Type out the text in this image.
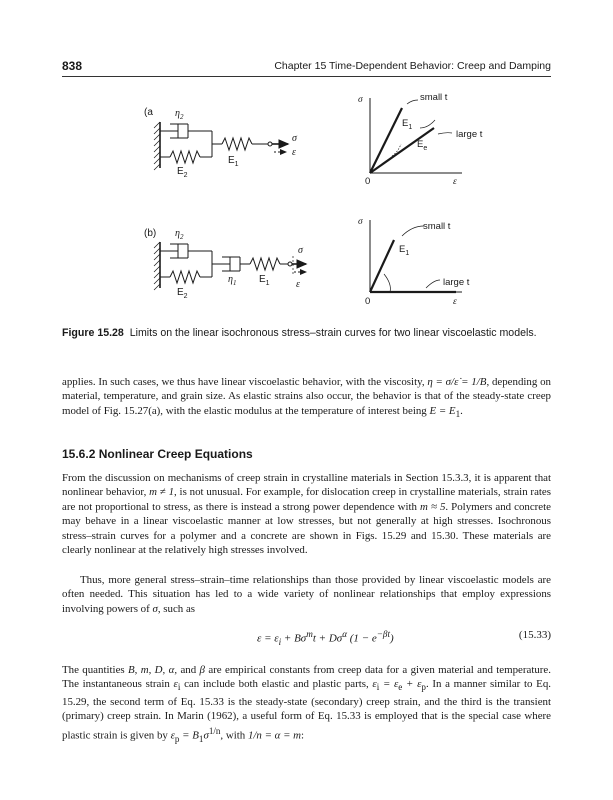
838	Chapter 15 Time-Dependent Behavior: Creep and Damping
(a $\eta_2$
$E_1$
$E_2$
σ
ε
σ
ε
0
small t
large t
$E_1$
$E_e$
(b) $\eta_2$
$\eta_1$ $E_1$
$E_2$
σ
ε
σ
ε
0
small t
large t
$E_1$
Figure 15.28 Limits on the linear isochronous stress–strain curves for two linear viscoelastic models.

applies. In such cases, we thus have linear viscoelastic behavior, with the viscosity, η = σ/ε̇ = 1/B, depending on material, temperature, and grain size. As elastic strains also occur, the behavior is that of the steady-state creep model of Fig. 15.27(a), with the elastic modulus at the temperature of interest being $E = E_1$.

15.6.2 Nonlinear Creep Equations

From the discussion on mechanisms of creep strain in crystalline materials in Section 15.3.3, it is apparent that nonlinear behavior, m ≠ 1, is not unusual. For example, for dislocation creep in crystalline materials, strain rates are not proportional to stress, as there is instead a strong power dependence with m ≈ 5. Polymers and concrete may behave in a linear viscoelastic manner at low stresses, but not generally at high stresses. Isochronous stress–strain curves for a polymer and a concrete are shown in Figs. 15.29 and 15.30. These materials are clearly nonlinear at the relatively high stresses involved.

Thus, more general stress–strain–time relationships than those provided by linear viscoelastic models are often needed. This situation has led to a wide variety of nonlinear relationships that employ expressions involving powers of σ, such as

$\varepsilon = \varepsilon_i + B\sigma^mt + D\sigma^\alpha$ $(1 - e^{-\beta t})$	(15.33)

The quantities B, m, D, α, and β are empirical constants from creep data for a given material and temperature. The instantaneous strain $\varepsilon_i$ can include both elastic and plastic parts, $\varepsilon_i = \varepsilon_e + \varepsilon_p$. In a manner similar to Eq. 15.29, the second term of Eq. 15.33 is the steady-state (secondary) creep strain, and the third is the transient (primary) creep strain. In Marin (1962), a useful form of Eq. 15.33 is employed that is the special case where plastic strain is given by $\varepsilon_p = B_1\sigma^{1/n}$, with 1/n = α = m:
